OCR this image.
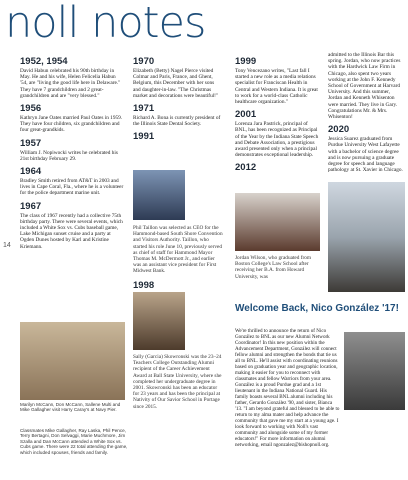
noll notes
14
1952, 1954
David Habun celebrated his 90th birthday in May. He and his wife, Helen Felicelia Habun '54, are "living the good life here in Delaware." They have 7 grandchildren and 2 great-grandchildren and are "very blessed."
1956
Kathryn Jane Oates married Paul Oates in 1959. They have four children, six grandchildren and four great-grandkids.
1957
William J. Nopiwocki writes he celebrated his 21st birthday February 29.
1964
Bradley Smith retired from AT&T in 2003 and lives in Cape Coral, Fla., where he is a volunteer for the police department marine unit.
1967
The class of 1967 recently had a collective 75th birthday party. There were several events, which included a White Sox vs. Cubs baseball game, Lake Michigan sunset cruise and a party at Ogden Dunes hosted by Karl and Kristine Kriemann.
Marilyn McCann, Don McCann, Sallene Multi and Mike Gallagher visit Harry Caray's at Navy Pier.
Classmates Mike Gallagher, Ray Laska, Phil Pence, Terry Bertagni, Don Selvaggi, Marie Muchmore, Jim Szalla and Dan McCann attended a White Sox vs. Cubs game. There were 22 total attending the game, which included spouses, friends and family.
1970
Elizabeth (Betty) Nagel Pierce visited Colmar and Paris, France, and Ghent, Belgium, this December with her sons and daughter-in-law. "The Christmas market and decorations were beautiful!"
1971
Richard A. Bona is currently president of the Illinois State Dental Society.
1991
Phil Taillon was selected as CEO for the Hammond-based South Shore Convention and Visitors Authority. Taillon, who started his role June 10, previously served as chief of staff for Hammond Mayor Thomas M. McDermott Jr., and earlier was an assistant vice president for First Midwest Bank.
1998
Sally (Garcia) Skowronski was the 23–24 Teachers College Outstanding Alumni recipient of the Career Achievement Award at Ball State University, where she completed her undergraduate degree in 2001. Skowronski has been an educator for 23 years and has been the principal at Nativity of Our Savior School in Portage since 2015.
1999
Tony Vencezano writes, "Last fall I started a new role as a media relations specialist for Franciscan Health in Central and Western Indiana. It is great to work for a world-class Catholic healthcare organization."
2001
Lorenza Jara Pastrick, principal of BNL, has been recognized as Principal of the Year by the Indiana State Speech and Debate Association, a prestigious award presented only when a principal demonstrates exceptional leadership.
2012
Jordan Wilson, who graduated from Boston College's Law School after receiving her B.A. from Howard University, was
admitted to the Illinois Bar this spring. Jordan, who now practices with the Hardwick Law Firm in Chicago, also spent two years working at the John F. Kennedy School of Government at Harvard University. And this summer, Jordan and Kenneth Whisenton were married. They live in Gary. Congratulations Mr. & Mrs. Whisenton!
2020
Jessica Suarez graduated from Purdue University West Lafayette with a bachelor of science degree and is now pursuing a graduate degree for speech and language pathology at St. Xavier in Chicago.
Welcome Back, Nico González '17!
We're thrilled to announce the return of Nico González to BNL as our new Alumni Network Coordinator! In this new position within the Advancement Department, González will connect fellow alumni and strengthen the bonds that tie us all to BNL. He'll assist with coordinating reunions based on graduation year and geographic location, making it easier for you to reconnect with classmates and fellow Warriors from your area. González is a proud Purdue grad and a 1st lieutenant in the Indiana National Guard. His family boasts several BNL alumni including his father, Gerardo González '90, and sister, Bianca '13. "I am beyond grateful and blessed to be able to return to my alma mater and help advance the community that gave me my start at a young age. I look forward to working with Noll's vast community and alongside some of my former educators!" For more information on alumni networking, email ngonzalez@bishopnoll.org.
